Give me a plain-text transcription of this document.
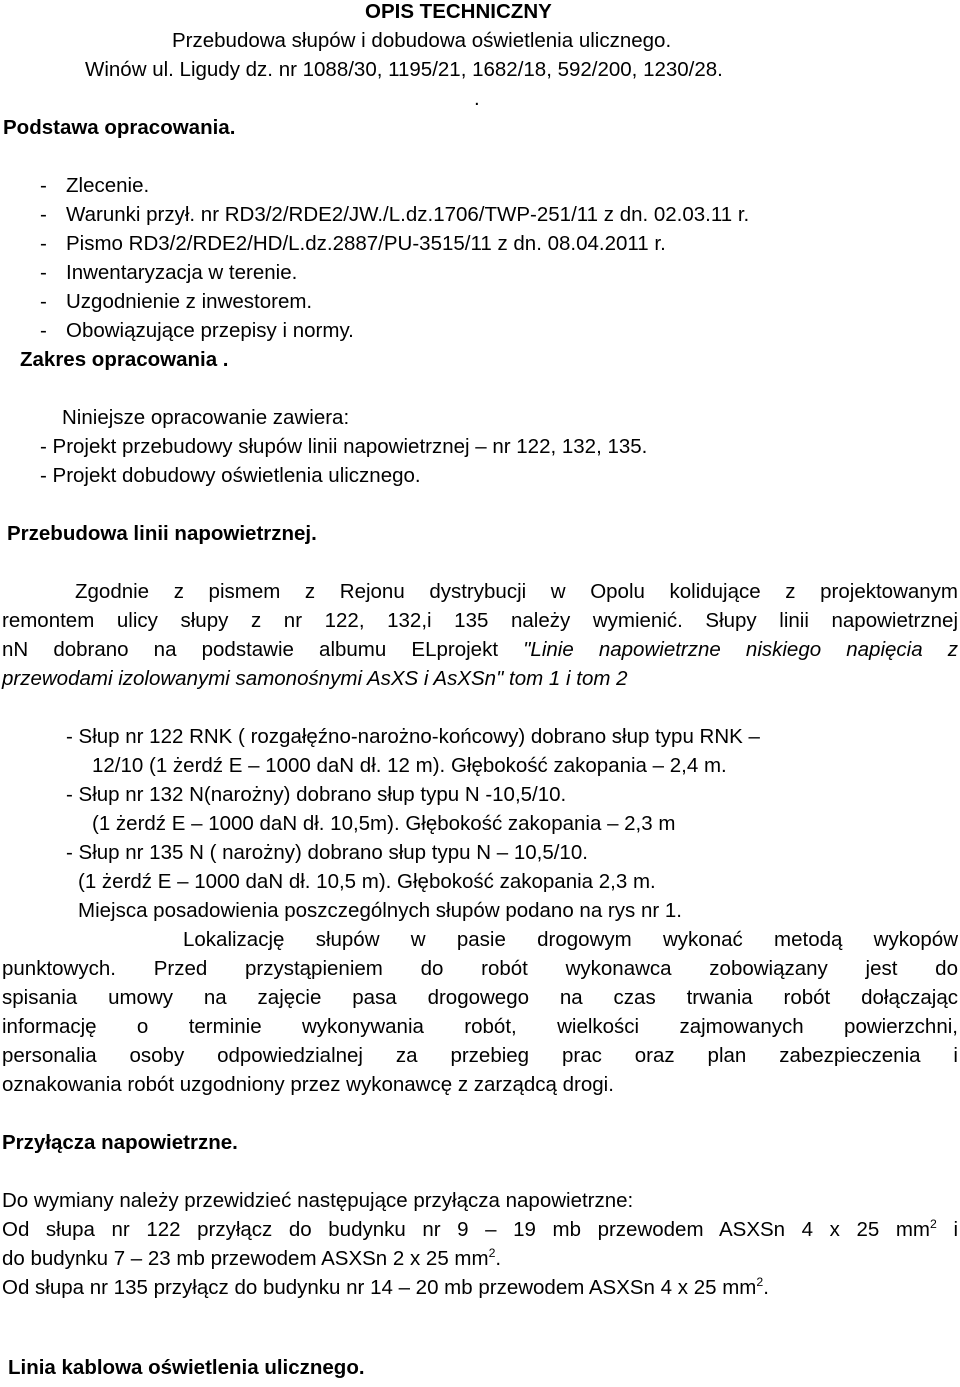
OPIS TECHNICZNY
Przebudowa słupów i dobudowa oświetlenia ulicznego.
Winów ul. Ligudy dz. nr 1088/30, 1195/21, 1682/18, 592/200, 1230/28.
.
Podstawa opracowania.
- Zlecenie.
- Warunki przył. nr RD3/2/RDE2/JW./L.dz.1706/TWP-251/11 z dn. 02.03.11 r.
- Pismo RD3/2/RDE2/HD/L.dz.2887/PU-3515/11 z dn. 08.04.2011 r.
- Inwentaryzacja w terenie.
- Uzgodnienie z inwestorem.
- Obowiązujące przepisy i normy.
Zakres opracowania .
Niniejsze opracowanie zawiera:
- Projekt przebudowy słupów linii napowietrznej – nr 122, 132, 135.
- Projekt dobudowy oświetlenia ulicznego.
Przebudowa linii napowietrznej.
Zgodnie z pismem z Rejonu dystrybucji w Opolu kolidujące z projektowanym
remontem ulicy słupy z nr 122, 132,i 135 należy wymienić. Słupy linii napowietrznej
nN dobrano na podstawie albumu ELprojekt "Linie napowietrzne niskiego napięcia z
przewodami izolowanymi samonośnymi AsXS i AsXSn" tom 1 i tom 2
- Słup nr 122 RNK ( rozgałęźno-narożno-końcowy) dobrano słup typu RNK –
12/10 (1 żerdź E – 1000 daN dł. 12 m). Głębokość zakopania – 2,4 m.
- Słup nr 132 N(narożny) dobrano słup typu N -10,5/10.
(1 żerdź E – 1000 daN dł. 10,5m). Głębokość zakopania – 2,3 m
- Słup nr 135 N ( narożny) dobrano słup typu N – 10,5/10.
(1 żerdź E – 1000 daN dł. 10,5 m). Głębokość zakopania 2,3 m.
Miejsca posadowienia poszczególnych słupów podano na rys nr 1.
Lokalizację słupów w pasie drogowym wykonać metodą wykopów
punktowych. Przed przystąpieniem do robót wykonawca zobowiązany jest do
spisania umowy na zajęcie pasa drogowego na czas trwania robót dołączając
informację o terminie wykonywania robót, wielkości zajmowanych powierzchni,
personalia osoby odpowiedzialnej za przebieg prac oraz plan zabezpieczenia i
oznakowania robót uzgodniony przez wykonawcę z zarządcą drogi.
Przyłącza napowietrzne.
Do wymiany należy przewidzieć następujące przyłącza napowietrzne:
Od słupa nr 122 przyłącz do budynku nr 9 – 19 mb przewodem ASXSn 4 x 25 $mm^2$ i
do budynku 7 – 23 mb przewodem ASXSn 2 x 25 $mm^2$.
Od słupa nr 135 przyłącz do budynku nr 14 – 20 mb przewodem ASXSn 4 x 25 $mm^2$.
Linia kablowa oświetlenia ulicznego.
